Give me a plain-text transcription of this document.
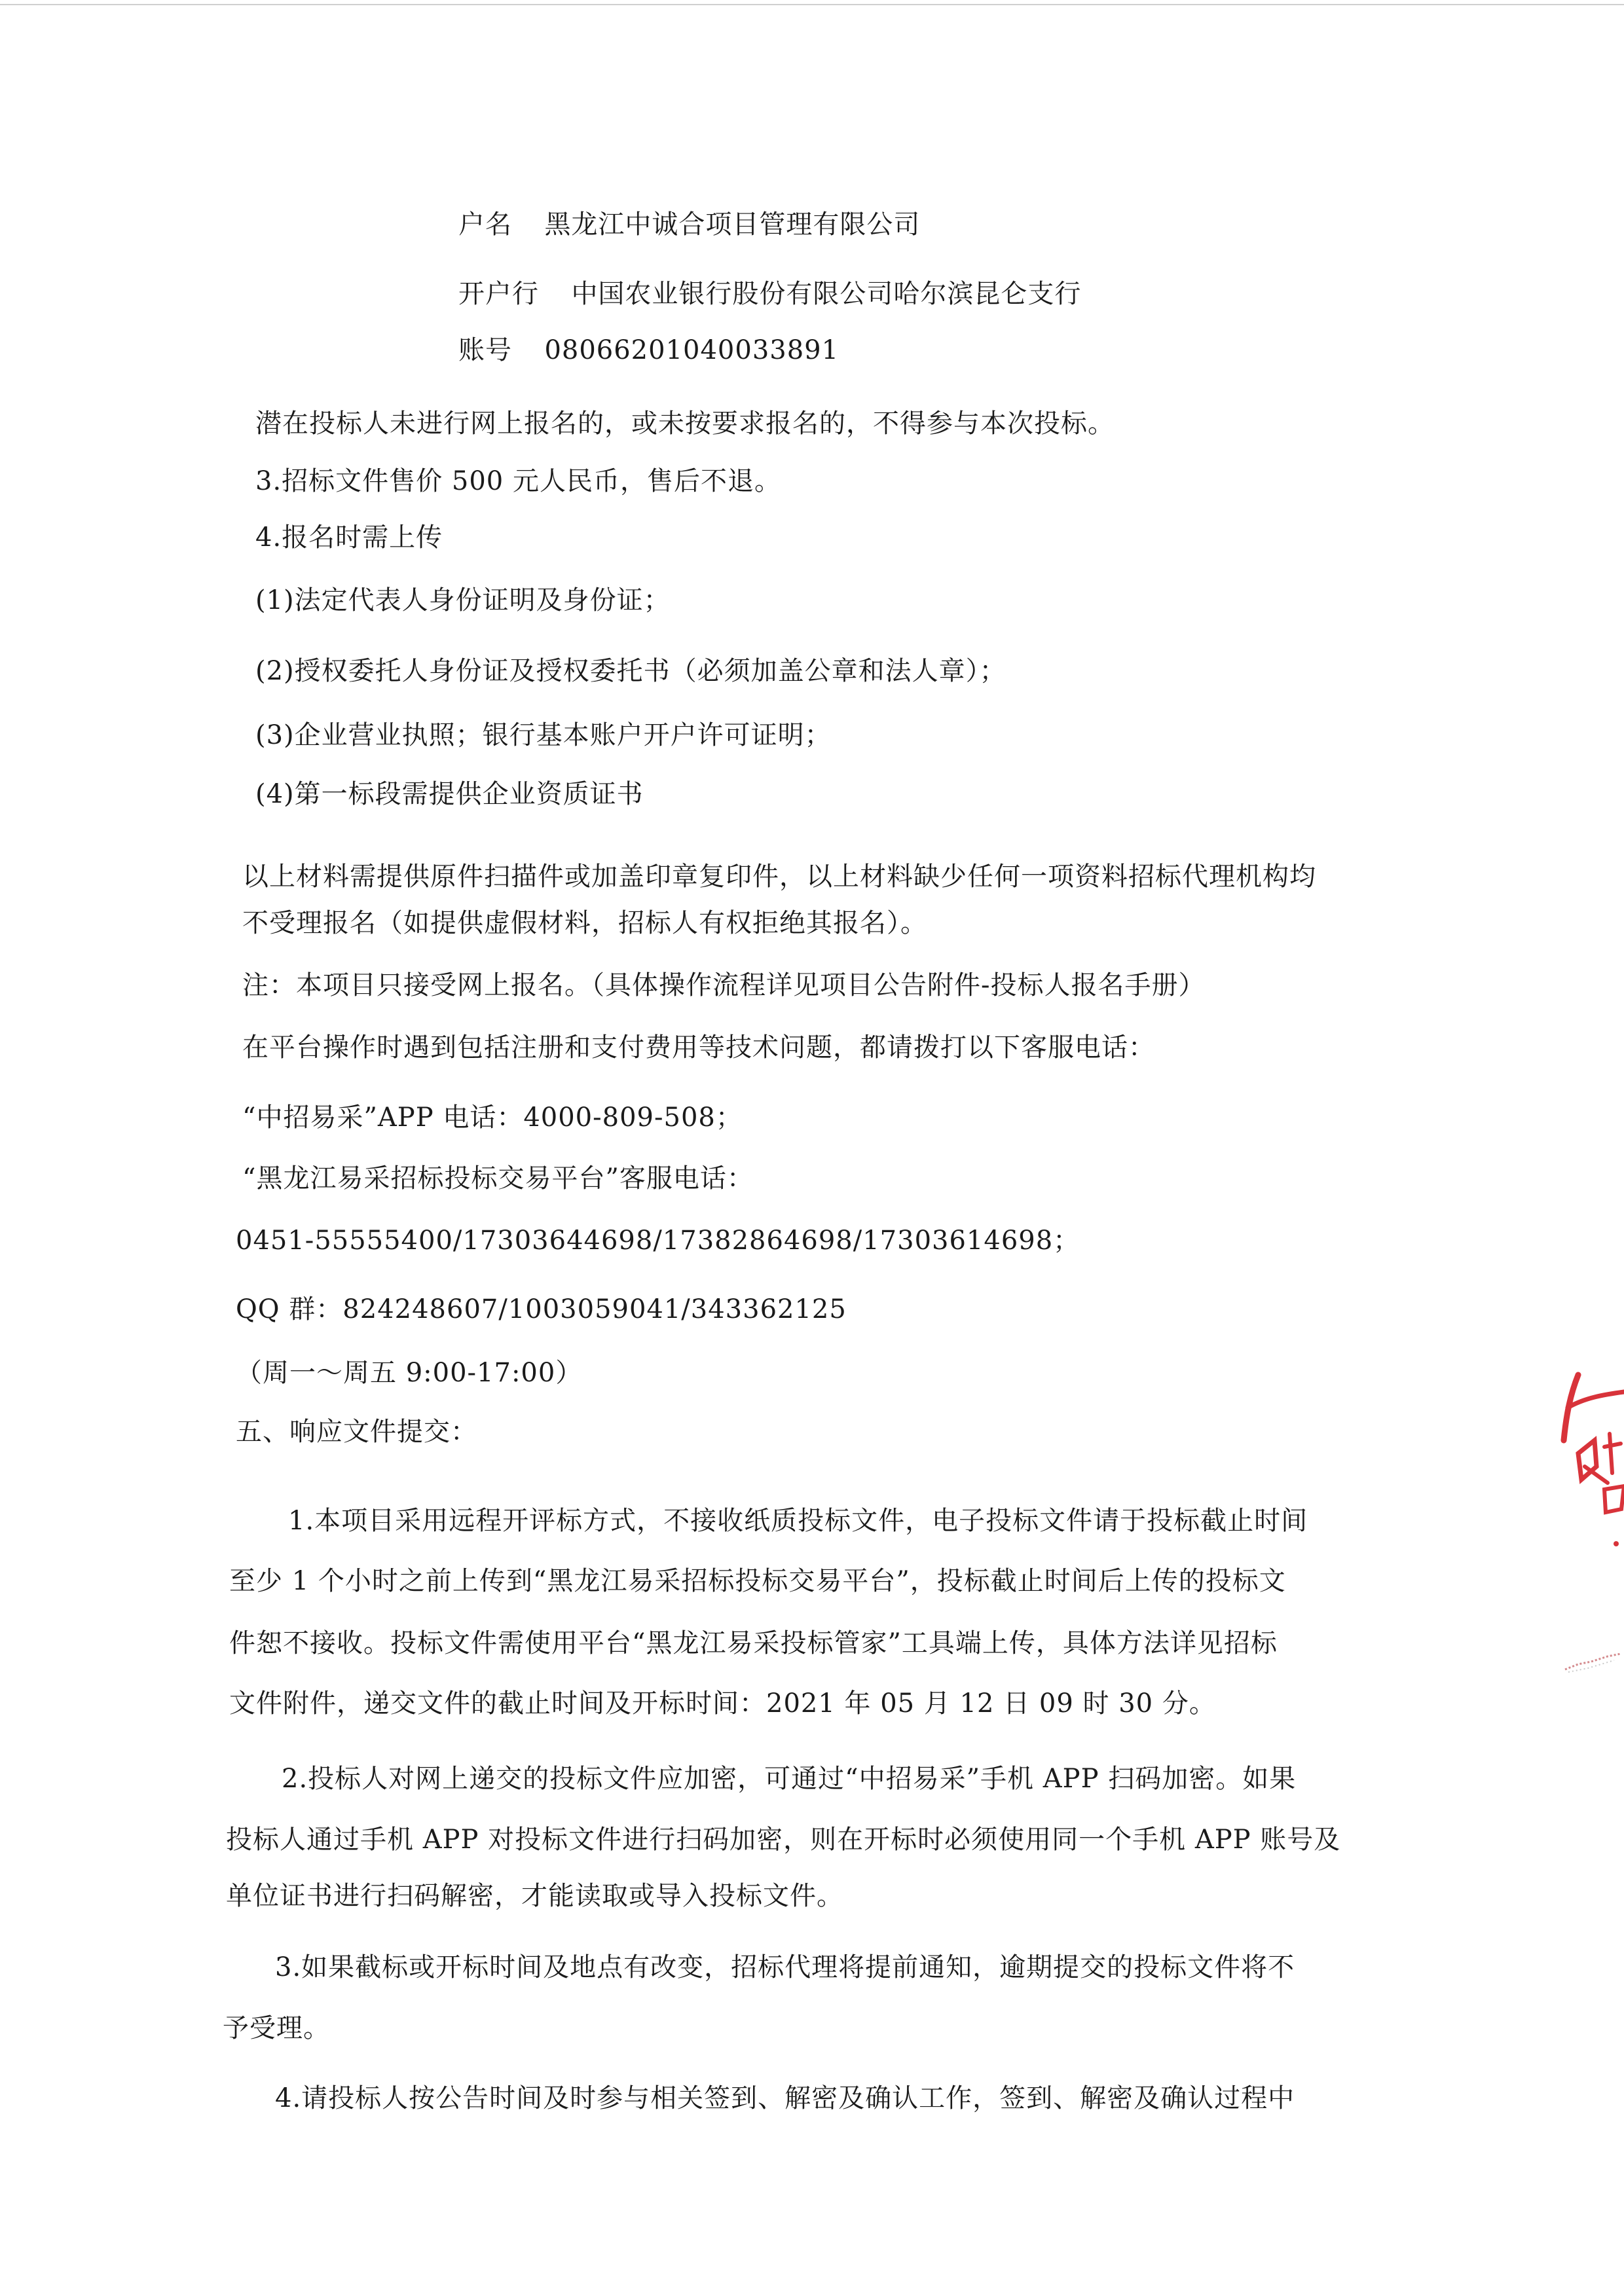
户名 黑龙江中诚合项目管理有限公司
开户行 中国农业银行股份有限公司哈尔滨昆仑支行
账号 08066201040033891
潜在投标人未进行网上报名的，或未按要求报名的，不得参与本次投标。
3.招标文件售价 500 元人民币，售后不退。
4.报名时需上传
(1)法定代表人身份证明及身份证；
(2)授权委托人身份证及授权委托书（必须加盖公章和法人章）；
(3)企业营业执照；银行基本账户开户许可证明；
(4)第一标段需提供企业资质证书
以上材料需提供原件扫描件或加盖印章复印件，以上材料缺少任何一项资料招标代理机构均
不受理报名（如提供虚假材料，招标人有权拒绝其报名）。
注：本项目只接受网上报名。（具体操作流程详见项目公告附件-投标人报名手册）
在平台操作时遇到包括注册和支付费用等技术问题，都请拨打以下客服电话：
“中招易采”APP 电话：4000-809-508；
“黑龙江易采招标投标交易平台”客服电话：
0451-55555400/17303644698/17382864698/17303614698；
QQ 群：824248607/1003059041/343362125
（周一～周五 9:00-17:00）
五、响应文件提交：
1.本项目采用远程开评标方式，不接收纸质投标文件，电子投标文件请于投标截止时间
至少 1 个小时之前上传到“黑龙江易采招标投标交易平台”，投标截止时间后上传的投标文
件恕不接收。投标文件需使用平台“黑龙江易采投标管家”工具端上传，具体方法详见招标
文件附件，递交文件的截止时间及开标时间：2021 年 05 月 12 日 09 时 30 分。
2.投标人对网上递交的投标文件应加密，可通过“中招易采”手机 APP 扫码加密。如果
投标人通过手机 APP 对投标文件进行扫码加密，则在开标时必须使用同一个手机 APP 账号及
单位证书进行扫码解密，才能读取或导入投标文件。
3.如果截标或开标时间及地点有改变，招标代理将提前通知，逾期提交的投标文件将不
予受理。
4.请投标人按公告时间及时参与相关签到、解密及确认工作，签到、解密及确认过程中
